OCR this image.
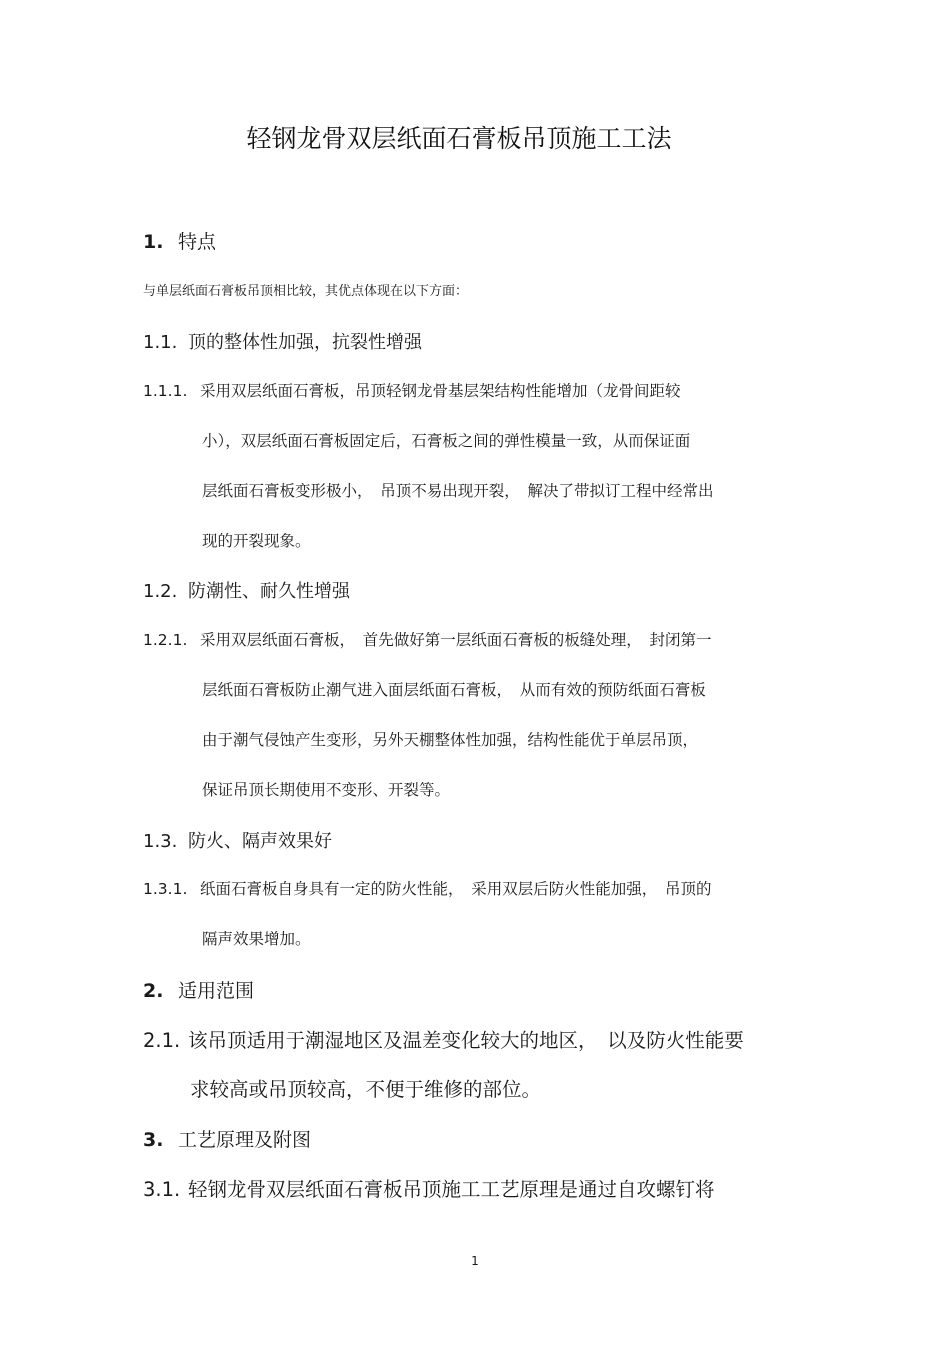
轻钢龙骨双层纸面石膏板吊顶施工工法
1. 特点
与单层纸面石膏板吊顶相比较，其优点体现在以下方面：
1.1. 顶的整体性加强，抗裂性增强
1.1.1. 采用双层纸面石膏板，吊顶轻钢龙骨基层架结构性能增加（龙骨间距较
小），双层纸面石膏板固定后，石膏板之间的弹性模量一致，从而保证面
层纸面石膏板变形极小，　吊顶不易出现开裂，　解决了带拟订工程中经常出
现的开裂现象。
1.2. 防潮性、耐久性增强
1.2.1. 采用双层纸面石膏板，　首先做好第一层纸面石膏板的板缝处理，　封闭第一
层纸面石膏板防止潮气进入面层纸面石膏板，　从而有效的预防纸面石膏板
由于潮气侵蚀产生变形，另外天棚整体性加强，结构性能优于单层吊顶，
保证吊顶长期使用不变形、开裂等。
1.3. 防火、隔声效果好
1.3.1. 纸面石膏板自身具有一定的防火性能，　采用双层后防火性能加强，　吊顶的
隔声效果增加。
2. 适用范围
2.1. 该吊顶适用于潮湿地区及温差变化较大的地区，　以及防火性能要
求较高或吊顶较高，不便于维修的部位。
3. 工艺原理及附图
3.1. 轻钢龙骨双层纸面石膏板吊顶施工工艺原理是通过自攻螺钉将
1
